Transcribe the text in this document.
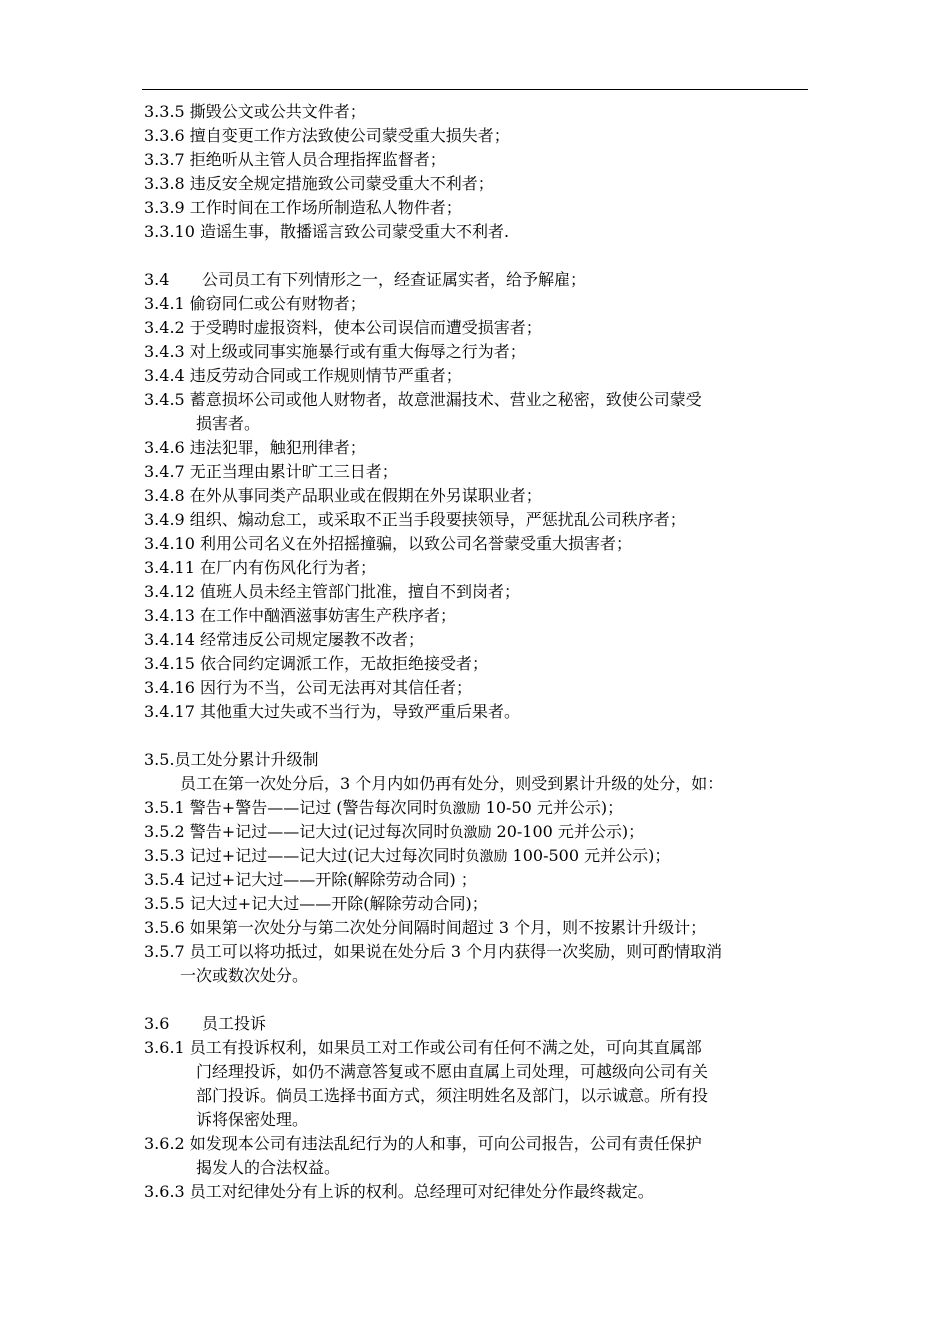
3.3.5 撕毁公文或公共文件者；
3.3.6 擅自变更工作方法致使公司蒙受重大损失者；
3.3.7 拒绝听从主管人员合理指挥监督者；
3.3.8 违反安全规定措施致公司蒙受重大不利者；
3.3.9 工作时间在工作场所制造私人物件者；
3.3.10 造谣生事，散播谣言致公司蒙受重大不利者.
3.4 公司员工有下列情形之一，经查证属实者，给予解雇；
3.4.1 偷窃同仁或公有财物者；
3.4.2 于受聘时虚报资料，使本公司误信而遭受损害者；
3.4.3 对上级或同事实施暴行或有重大侮辱之行为者；
3.4.4 违反劳动合同或工作规则情节严重者；
3.4.5 蓄意损坏公司或他人财物者，故意泄漏技术、营业之秘密，致使公司蒙受
损害者。
3.4.6 违法犯罪，触犯刑律者；
3.4.7 无正当理由累计旷工三日者；
3.4.8 在外从事同类产品职业或在假期在外另谋职业者；
3.4.9 组织、煽动怠工，或采取不正当手段要挟领导，严惩扰乱公司秩序者；
3.4.10 利用公司名义在外招摇撞骗，以致公司名誉蒙受重大损害者；
3.4.11 在厂内有伤风化行为者；
3.4.12 值班人员未经主管部门批准，擅自不到岗者；
3.4.13 在工作中酗酒滋事妨害生产秩序者；
3.4.14 经常违反公司规定屡教不改者；
3.4.15 依合同约定调派工作，无故拒绝接受者；
3.4.16 因行为不当，公司无法再对其信任者；
3.4.17 其他重大过失或不当行为，导致严重后果者。
3.5.员工处分累计升级制
员工在第一次处分后，3 个月内如仍再有处分，则受到累计升级的处分，如：
3.5.1 警告+警告——记过 (警告每次同时负激励 10-50 元并公示)；
3.5.2 警告+记过——记大过(记过每次同时负激励 20-100 元并公示)；
3.5.3 记过+记过——记大过(记大过每次同时负激励 100-500 元并公示)；
3.5.4 记过+记大过——开除(解除劳动合同) ；
3.5.5 记大过+记大过——开除(解除劳动合同)；
3.5.6 如果第一次处分与第二次处分间隔时间超过 3 个月，则不按累计升级计；
3.5.7 员工可以将功抵过，如果说在处分后 3 个月内获得一次奖励，则可酌情取消
一次或数次处分。
3.6 员工投诉
3.6.1 员工有投诉权利，如果员工对工作或公司有任何不满之处，可向其直属部
门经理投诉，如仍不满意答复或不愿由直属上司处理，可越级向公司有关
部门投诉。倘员工选择书面方式，须注明姓名及部门，以示诚意。所有投
诉将保密处理。
3.6.2 如发现本公司有违法乱纪行为的人和事，可向公司报告，公司有责任保护
揭发人的合法权益。
3.6.3 员工对纪律处分有上诉的权利。总经理可对纪律处分作最终裁定。
